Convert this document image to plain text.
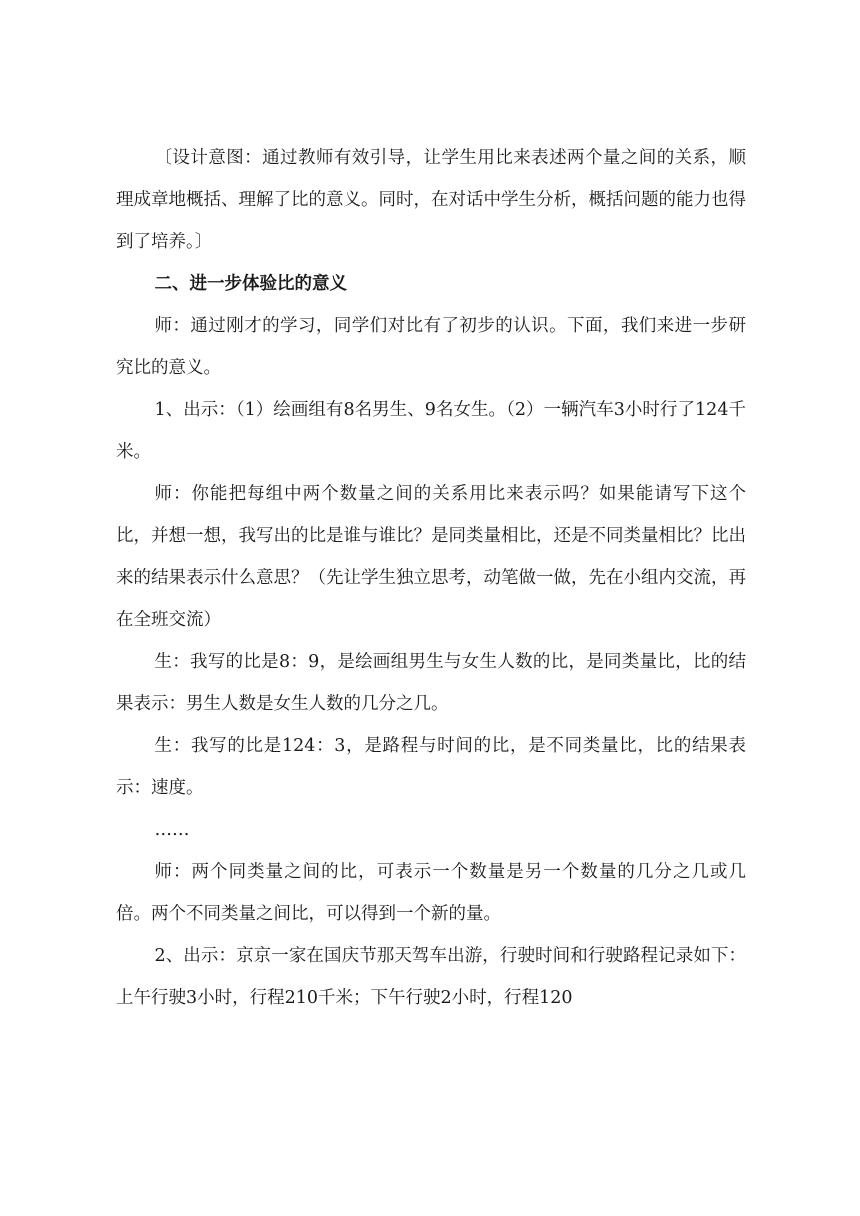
〔设计意图：通过教师有效引导，让学生用比来表述两个量之间的关系，顺理成章地概括、理解了比的意义。同时，在对话中学生分析，概括问题的能力也得到了培养。〕

二、进一步体验比的意义

师：通过刚才的学习，同学们对比有了初步的认识。下面，我们来进一步研究比的意义。

1、出示：（1）绘画组有8名男生、9名女生。（2）一辆汽车3小时行了124千米。

师：你能把每组中两个数量之间的关系用比来表示吗？如果能请写下这个比，并想一想，我写出的比是谁与谁比？是同类量相比，还是不同类量相比？比出来的结果表示什么意思？（先让学生独立思考，动笔做一做，先在小组内交流，再在全班交流）

生：我写的比是8：9，是绘画组男生与女生人数的比，是同类量比，比的结果表示：男生人数是女生人数的几分之几。

生：我写的比是124：3，是路程与时间的比，是不同类量比，比的结果表示：速度。

……

师：两个同类量之间的比，可表示一个数量是另一个数量的几分之几或几倍。两个不同类量之间比，可以得到一个新的量。

2、出示：京京一家在国庆节那天驾车出游，行驶时间和行驶路程记录如下：上午行驶3小时，行程210千米；下午行驶2小时，行程120
